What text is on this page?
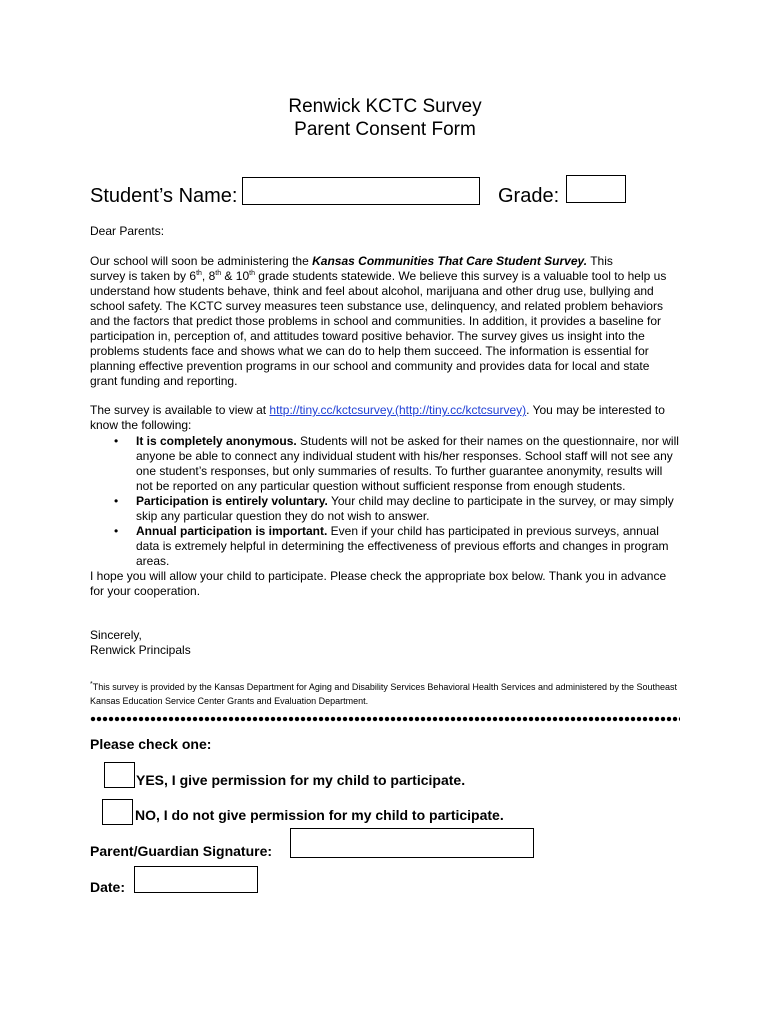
Renwick KCTC Survey
Parent Consent Form
Student’s Name:	Grade:
Dear Parents:

Our school will soon be administering the Kansas Communities That Care Student Survey. This
survey is taken by 6th, 8th & 10th grade students statewide. We believe this survey is a valuable tool to help us understand how students behave, think and feel about alcohol, marijuana and other drug use, bullying and school safety. The KCTC survey measures teen substance use, delinquency, and related problem behaviors and the factors that predict those problems in school and communities. In addition, it provides a baseline for participation in, perception of, and attitudes toward positive behavior. The survey gives us insight into the problems students face and shows what we can do to help them succeed. The information is essential for planning effective prevention programs in our school and community and provides data for local and state grant funding and reporting.

The survey is available to view at http://tiny.cc/kctcsurvey.(http://tiny.cc/kctcsurvey). You may be interested to know the following:

• It is completely anonymous. Students will not be asked for their names on the questionnaire, nor will anyone be able to connect any individual student with his/her responses. School staff will not see any one student’s responses, but only summaries of results. To further guarantee anonymity, results will not be reported on any particular question without sufficient response from enough students.
• Participation is entirely voluntary. Your child may decline to participate in the survey, or may simply skip any particular question they do not wish to answer.
• Annual participation is important. Even if your child has participated in previous surveys, annual data is extremely helpful in determining the effectiveness of previous efforts and changes in program areas.
I hope you will allow your child to participate. Please check the appropriate box below. Thank you in advance for your cooperation.
Sincerely,
Renwick Principals
*This survey is provided by the Kansas Department for Aging and Disability Services Behavioral Health Services and administered by the Southeast Kansas Education Service Center Grants and Evaluation Department.
Please check one:
YES, I give permission for my child to participate.
NO, I do not give permission for my child to participate.
Parent/Guardian Signature:
Date:
